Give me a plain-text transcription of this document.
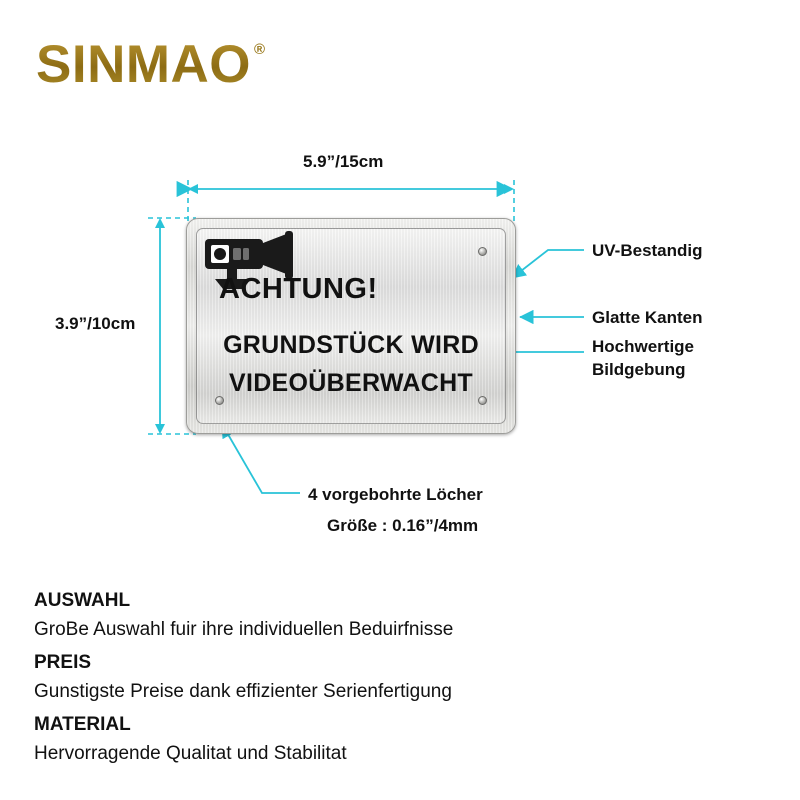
SINMAO ®
5.9”/15cm
3.9”/10cm
ACHTUNG!
GRUNDSTÜCK WIRD
VIDEOÜBERWACHT
UV-Bestandig
Glatte Kanten
Hochwertige
Bildgebung
4 vorgebohrte Löcher
Größe : 0.16”/4mm
AUSWAHL

GroBe Auswahl fuir ihre individuellen Beduirfnisse

PREIS

Gunstigste Preise dank effizienter Serienfertigung

MATERIAL

Hervorragende Qualitat und Stabilitat
